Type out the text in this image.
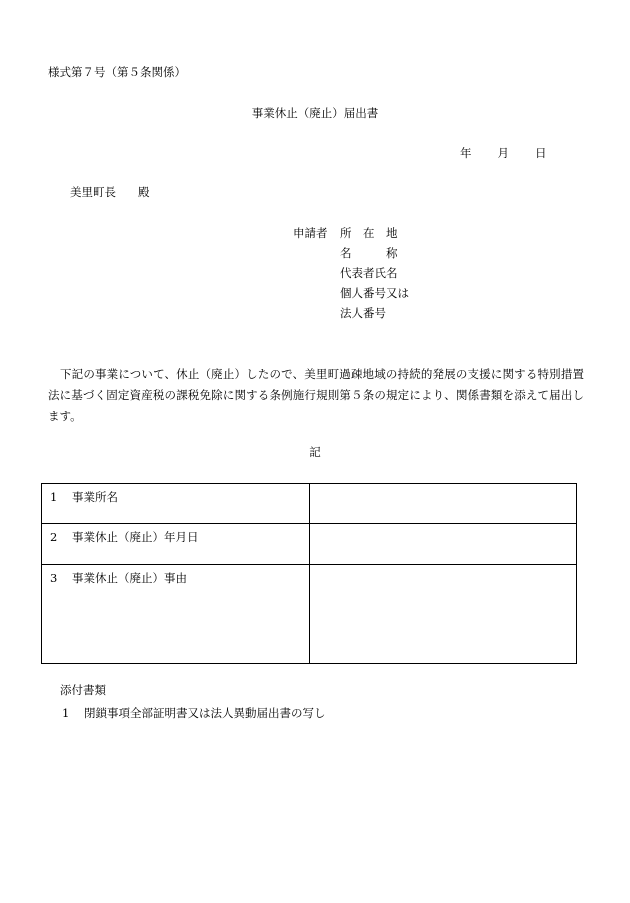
様式第７号（第５条関係）
事業休止（廃止）届出書
年 月 日
美里町長 殿
申請者 所　在　地
名　　　称
代表者氏名
個人番号又は
法人番号
下記の事業について、休止（廃止）したので、美里町過疎地域の持続的発展の支援に関する特別措置法に基づく固定資産税の課税免除に関する条例施行規則第５条の規定により、関係書類を添えて届出します。
記
1 事業所名	
2 事業休止（廃止）年月日	
3 事業休止（廃止）事由	
添付書類
1 閉鎖事項全部証明書又は法人異動届出書の写し
